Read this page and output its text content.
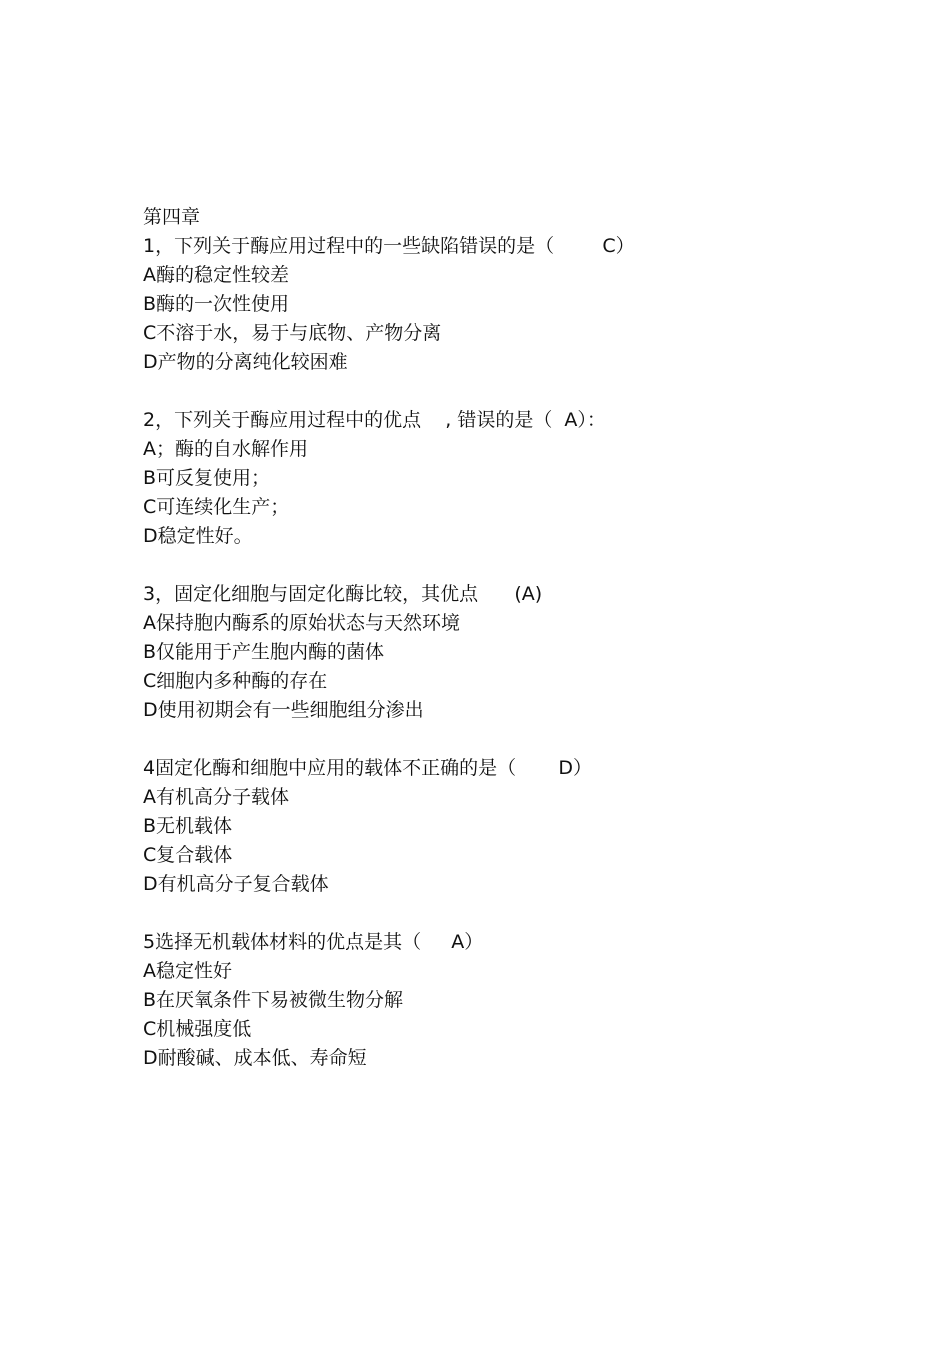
第四章
1，下列关于酶应用过程中的一些缺陷错误的是（        C）
A酶的稳定性较差
B酶的一次性使用
C不溶于水，易于与底物、产物分离
D产物的分离纯化较困难
2，下列关于酶应用过程中的优点    , 错误的是（  A）：
A；酶的自水解作用
B可反复使用；
C可连续化生产；
D稳定性好。
3，固定化细胞与固定化酶比较，其优点      (A)
A保持胞内酶系的原始状态与天然环境
B仅能用于产生胞内酶的菌体
C细胞内多种酶的存在
D使用初期会有一些细胞组分渗出
4固定化酶和细胞中应用的载体不正确的是（       D）
A有机高分子载体
B无机载体
C复合载体
D有机高分子复合载体
5选择无机载体材料的优点是其（     A）
A稳定性好
B在厌氧条件下易被微生物分解
C机械强度低
D耐酸碱、成本低、寿命短
